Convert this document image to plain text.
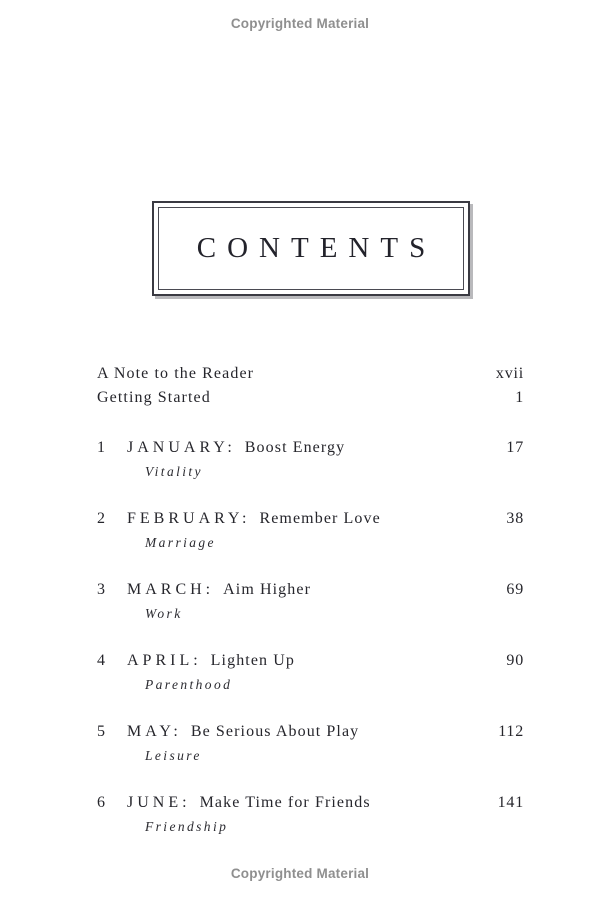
Copyrighted Material
CONTENTS
A Note to the Reader	xvii
Getting Started	1
1	JANUARY: Boost Energy	17
Vitality
2	FEBRUARY: Remember Love	38
Marriage
3	MARCH: Aim Higher	69
Work
4	APRIL: Lighten Up	90
Parenthood
5	MAY: Be Serious About Play	112
Leisure
6	JUNE: Make Time for Friends	141
Friendship
Copyrighted Material
